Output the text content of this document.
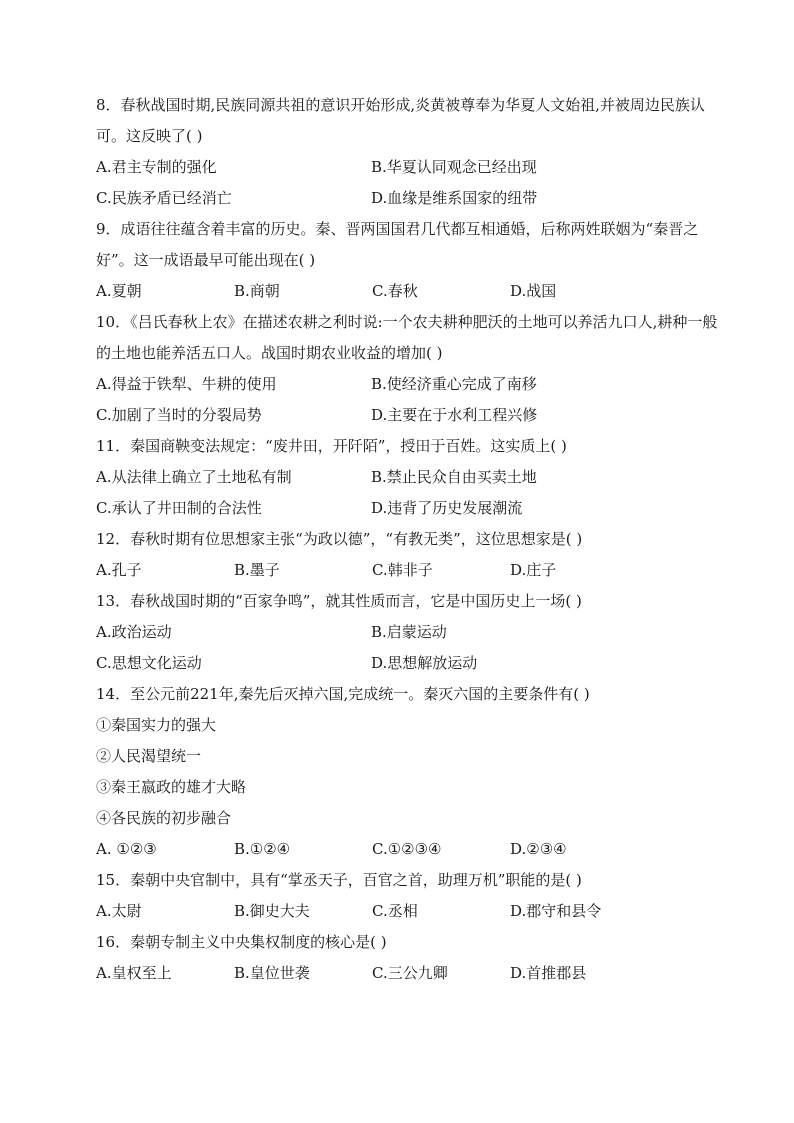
8．春秋战国时期,民族同源共祖的意识开始形成,炎黄被尊奉为华夏人文始祖,并被周边民族认可。这反映了( )

A.君主专制的强化	B.华夏认同观念已经出现
C.民族矛盾已经消亡	D.血缘是维系国家的纽带

9．成语往往蕴含着丰富的历史。秦、晋两国国君几代都互相通婚，后称两姓联姻为“秦晋之好”。这一成语最早可能出现在( )

A.夏朝	B.商朝	C.春秋	D.战国

10．《吕氏春秋上农》在描述农耕之利时说:一个农夫耕种肥沃的土地可以养活九口人,耕种一般的土地也能养活五口人。战国时期农业收益的增加( )

A.得益于铁犁、牛耕的使用	B.使经济重心完成了南移
C.加剧了当时的分裂局势	D.主要在于水利工程兴修

11．秦国商鞅变法规定：“废井田，开阡陌”，授田于百姓。这实质上( )

A.从法律上确立了土地私有制	B.禁止民众自由买卖土地
C.承认了井田制的合法性	D.违背了历史发展潮流

12．春秋时期有位思想家主张“为政以德”，“有教无类”，这位思想家是( )

A.孔子	B.墨子	C.韩非子	D.庄子

13．春秋战国时期的“百家争鸣”，就其性质而言，它是中国历史上一场( )

A.政治运动	B.启蒙运动
C.思想文化运动	D.思想解放运动

14．至公元前221年,秦先后灭掉六国,完成统一。秦灭六国的主要条件有( )

①秦国实力的强大

②人民渴望统一

③秦王嬴政的雄才大略

④各民族的初步融合

A. ①②③	B.①②④	C.①②③④	D.②③④

15．秦朝中央官制中，具有“掌丞天子，百官之首，助理万机”职能的是( )

A.太尉	B.御史大夫	C.丞相	D.郡守和县令

16．秦朝专制主义中央集权制度的核心是( )

A.皇权至上	B.皇位世袭	C.三公九卿	D.首推郡县
